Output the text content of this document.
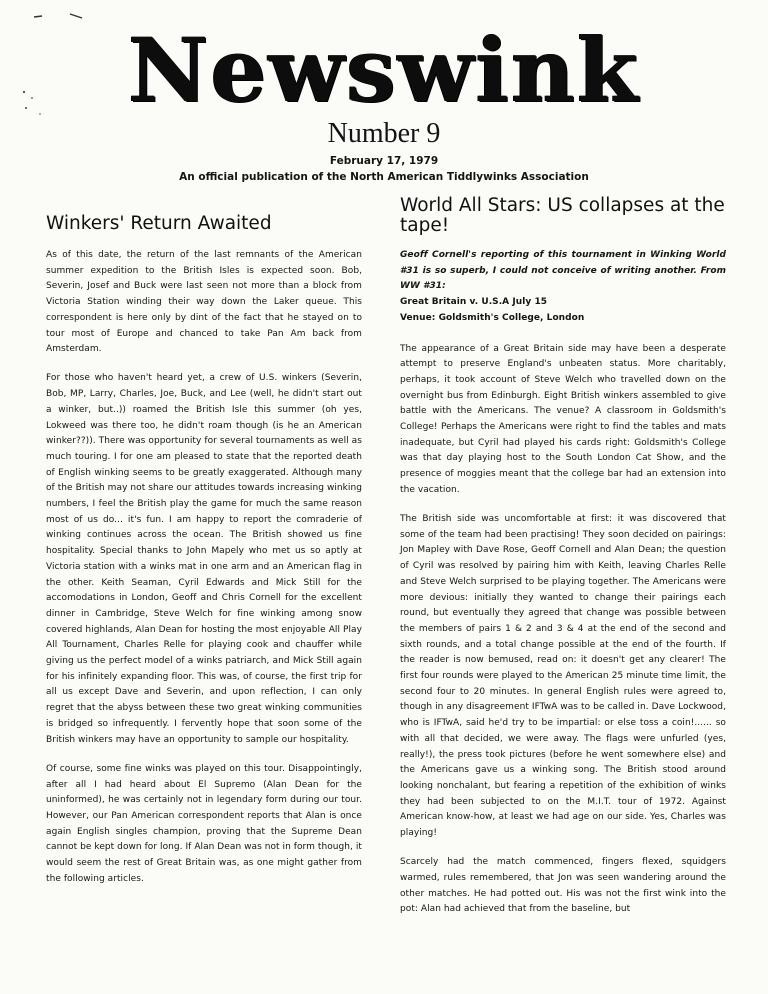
Newswink
Number 9
February 17, 1979
An official publication of the North American Tiddlywinks Association
Winkers' Return Awaited

As of this date, the return of the last remnants of the American summer expedition to the British Isles is expected soon. Bob, Severin, Josef and Buck were last seen not more than a block from Victoria Station winding their way down the Laker queue. This correspondent is here only by dint of the fact that he stayed on to tour most of Europe and chanced to take Pan Am back from Amsterdam.

For those who haven't heard yet, a crew of U.S. winkers (Severin, Bob, MP, Larry, Charles, Joe, Buck, and Lee (well, he didn't start out a winker, but..)) roamed the British Isle this summer (oh yes, Lokweed was there too, he didn't roam though (is he an American winker??)). There was opportunity for several tournaments as well as much touring. I for one am pleased to state that the reported death of English winking seems to be greatly exaggerated. Although many of the British may not share our attitudes towards increasing winking numbers, I feel the British play the game for much the same reason most of us do... it's fun. I am happy to report the comraderie of winking continues across the ocean. The British showed us fine hospitality. Special thanks to John Mapely who met us so aptly at Victoria station with a winks mat in one arm and an American flag in the other. Keith Seaman, Cyril Edwards and Mick Still for the accomodations in London, Geoff and Chris Cornell for the excellent dinner in Cambridge, Steve Welch for fine winking among snow covered highlands, Alan Dean for hosting the most enjoyable All Play All Tournament, Charles Relle for playing cook and chauffer while giving us the perfect model of a winks patriarch, and Mick Still again for his infinitely expanding floor. This was, of course, the first trip for all us except Dave and Severin, and upon reflection, I can only regret that the abyss between these two great winking communities is bridged so infrequently. I fervently hope that soon some of the British winkers may have an opportunity to sample our hospitality.

Of course, some fine winks was played on this tour. Disappointingly, after all I had heard about El Supremo (Alan Dean for the uninformed), he was certainly not in legendary form during our tour. However, our Pan American correspondent reports that Alan is once again English singles champion, proving that the Supreme Dean cannot be kept down for long. If Alan Dean was not in form though, it would seem the rest of Great Britain was, as one might gather from the following articles.

World All Stars: US collapses at the tape!

Geoff Cornell's reporting of this tournament in Winking World #31 is so superb, I could not conceive of writing another. From WW #31:

Great Britain v. U.S.A July 15

Venue: Goldsmith's College, London

The appearance of a Great Britain side may have been a desperate attempt to preserve England's unbeaten status. More charitably, perhaps, it took account of Steve Welch who travelled down on the overnight bus from Edinburgh. Eight British winkers assembled to give battle with the Americans. The venue? A classroom in Goldsmith's College! Perhaps the Americans were right to find the tables and mats inadequate, but Cyril had played his cards right: Goldsmith's College was that day playing host to the South London Cat Show, and the presence of moggies meant that the college bar had an extension into the vacation.

The British side was uncomfortable at first: it was discovered that some of the team had been practising! They soon decided on pairings: Jon Mapley with Dave Rose, Geoff Cornell and Alan Dean; the question of Cyril was resolved by pairing him with Keith, leaving Charles Relle and Steve Welch surprised to be playing together. The Americans were more devious: initially they wanted to change their pairings each round, but eventually they agreed that change was possible between the members of pairs 1 & 2 and 3 & 4 at the end of the second and sixth rounds, and a total change possible at the end of the fourth. If the reader is now bemused, read on: it doesn't get any clearer! The first four rounds were played to the American 25 minute time limit, the second four to 20 minutes. In general English rules were agreed to, though in any disagreement IFTwA was to be called in. Dave Lockwood, who is IFTwA, said he'd try to be impartial: or else toss a coin!...... so with all that decided, we were away. The flags were unfurled (yes, really!), the press took pictures (before he went somewhere else) and the Americans gave us a winking song. The British stood around looking nonchalant, but fearing a repetition of the exhibition of winks they had been subjected to on the M.I.T. tour of 1972. Against American know-how, at least we had age on our side. Yes, Charles was playing!

Scarcely had the match commenced, fingers flexed, squidgers warmed, rules remembered, that Jon was seen wandering around the other matches. He had potted out. His was not the first wink into the pot: Alan had achieved that from the baseline, but
